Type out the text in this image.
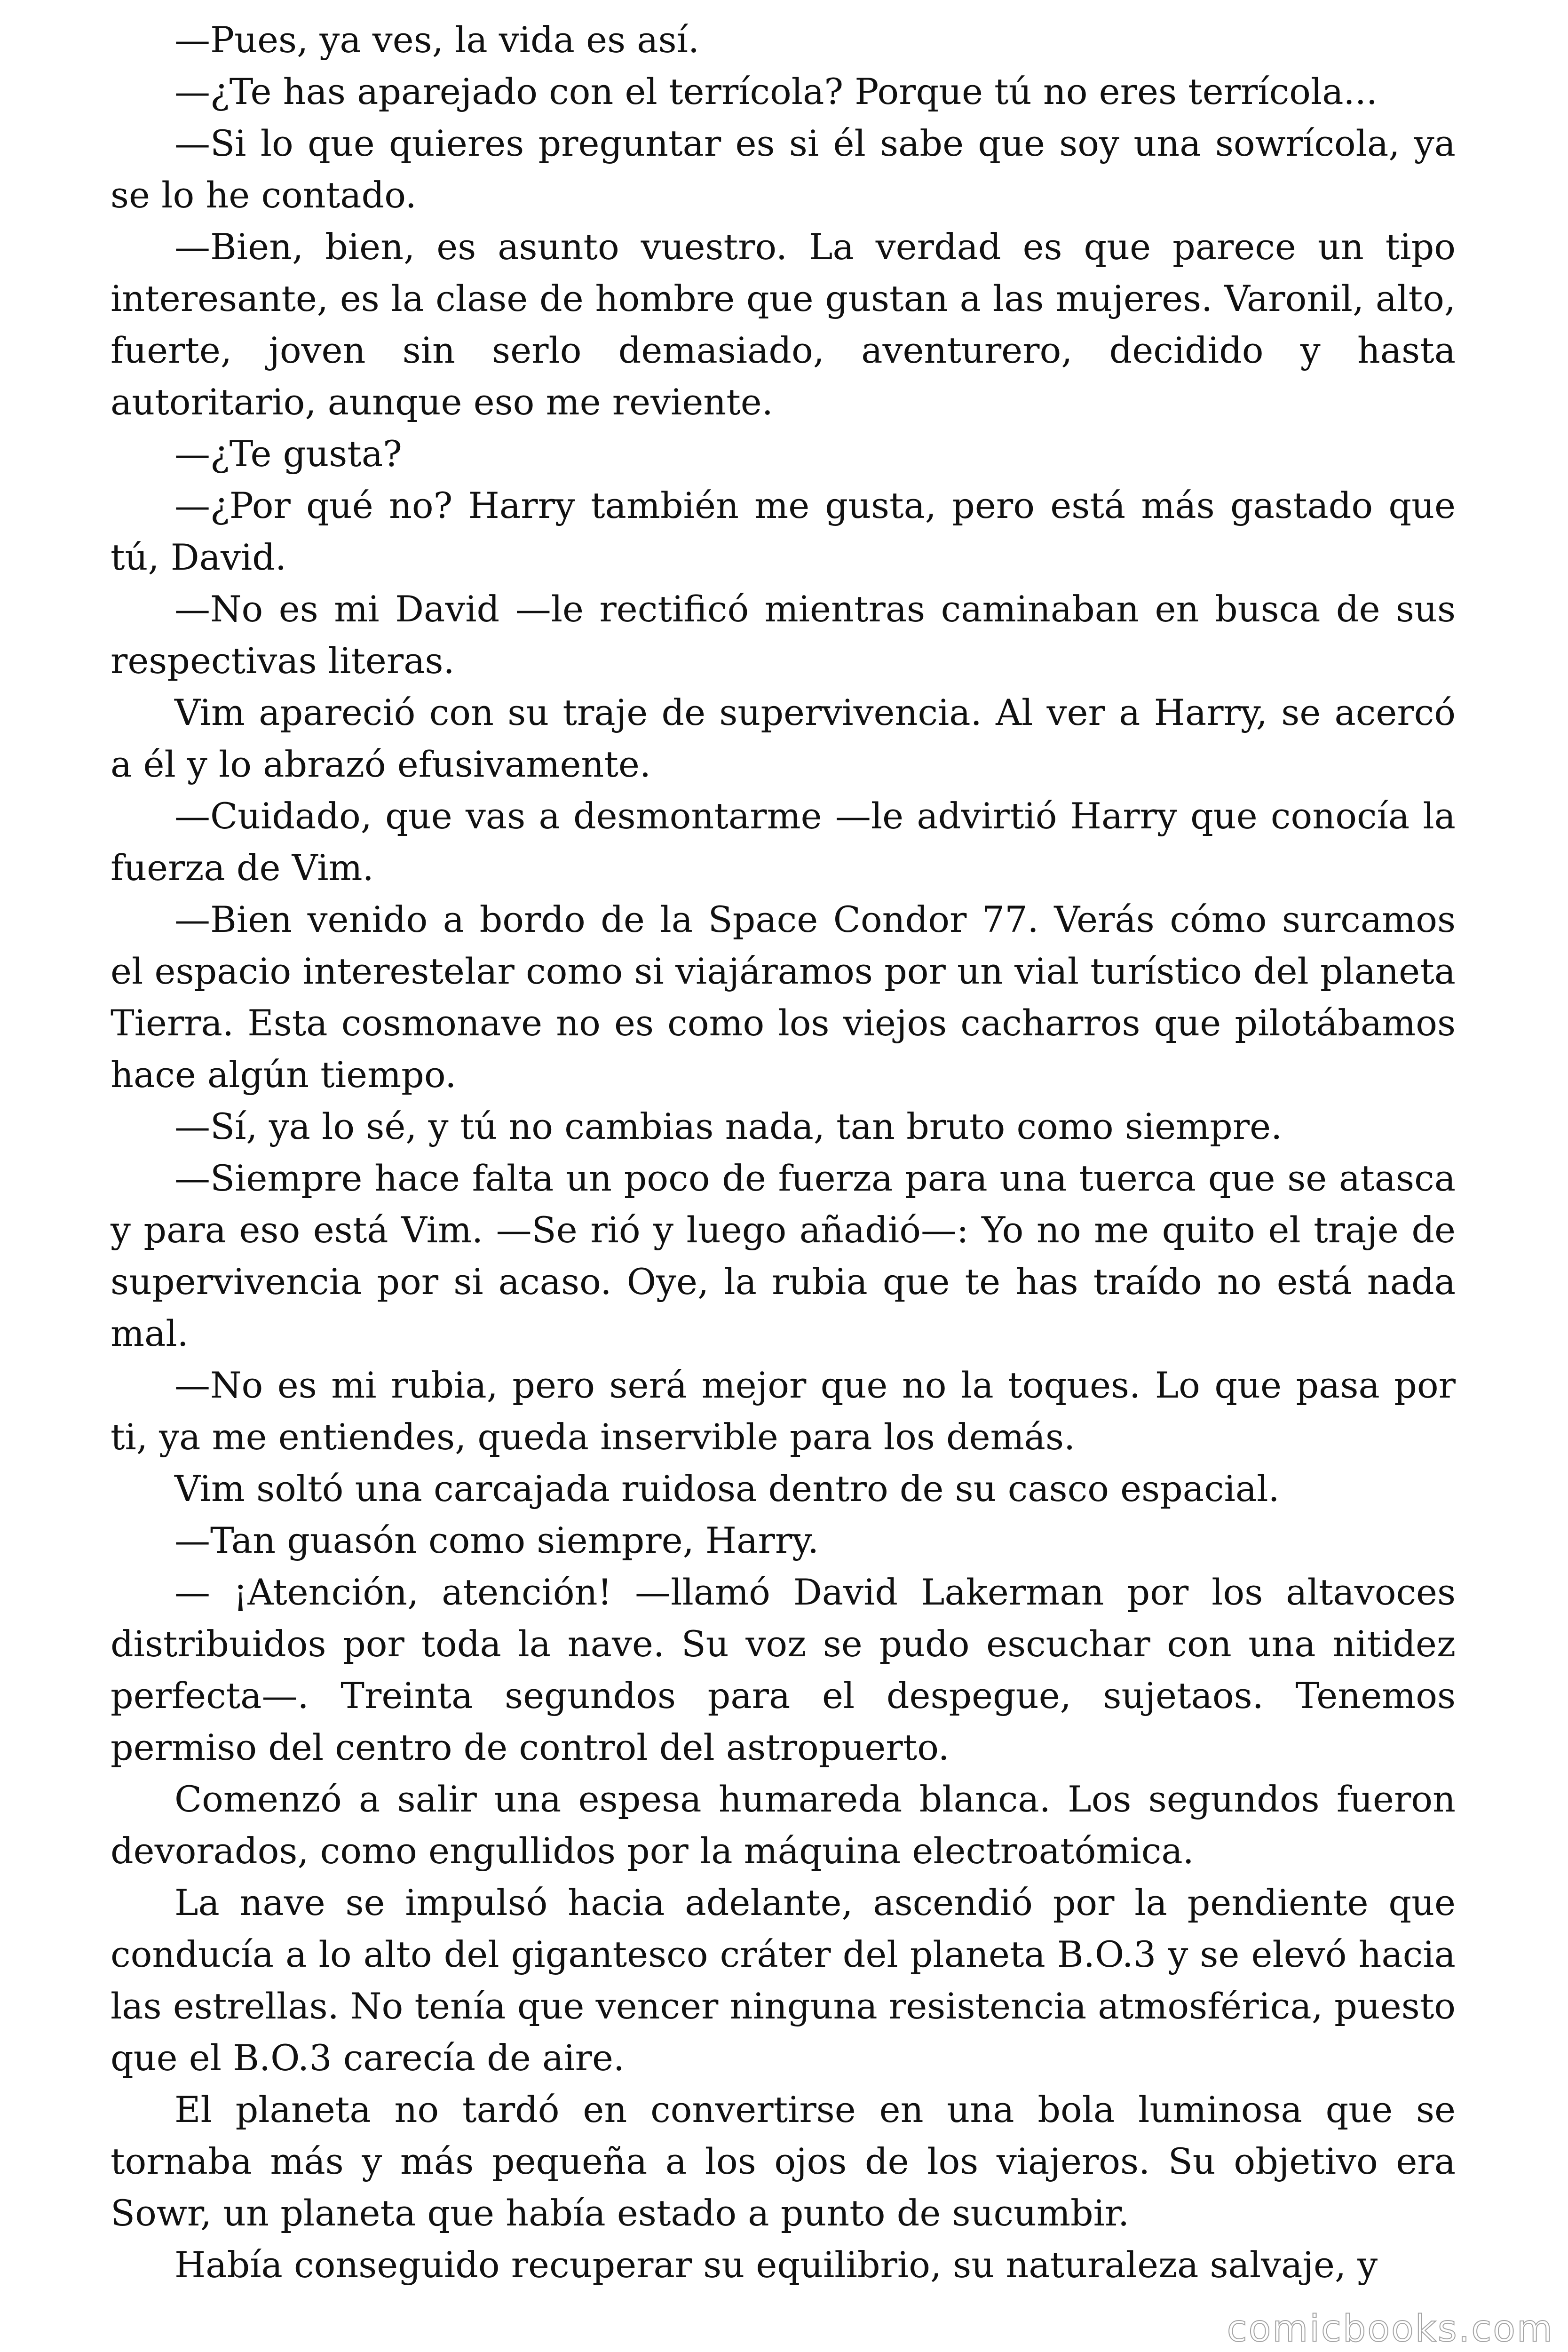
—Pues, ya ves, la vida es así.

—¿Te has aparejado con el terrícola? Porque tú no eres terrícola...

—Si lo que quieres preguntar es si él sabe que soy una sowrícola, ya se lo he contado.

—Bien, bien, es asunto vuestro. La verdad es que parece un tipo interesante, es la clase de hombre que gustan a las mujeres. Varonil, alto, fuerte, joven sin serlo demasiado, aventurero, decidido y hasta autoritario, aunque eso me reviente.

—¿Te gusta?

—¿Por qué no? Harry también me gusta, pero está más gastado que tú, David.

—No es mi David —le rectificó mientras caminaban en busca de sus respectivas literas.

Vim apareció con su traje de supervivencia. Al ver a Harry, se acercó a él y lo abrazó efusivamente.

—Cuidado, que vas a desmontarme —le advirtió Harry que conocía la fuerza de Vim.

—Bien venido a bordo de la Space Condor 77. Verás cómo surcamos el espacio interestelar como si viajáramos por un vial turístico del planeta Tierra. Esta cosmonave no es como los viejos cacharros que pilotábamos hace algún tiempo.

—Sí, ya lo sé, y tú no cambias nada, tan bruto como siempre.

—Siempre hace falta un poco de fuerza para una tuerca que se atasca y para eso está Vim. —Se rió y luego añadió—: Yo no me quito el traje de supervivencia por si acaso. Oye, la rubia que te has traído no está nada mal.

—No es mi rubia, pero será mejor que no la toques. Lo que pasa por ti, ya me entiendes, queda inservible para los demás.

Vim soltó una carcajada ruidosa dentro de su casco espacial.

—Tan guasón como siempre, Harry.

— ¡Atención, atención! —llamó David Lakerman por los altavoces distribuidos por toda la nave. Su voz se pudo escuchar con una nitidez perfecta—. Treinta segundos para el despegue, sujetaos. Tenemos permiso del centro de control del astropuerto.

Comenzó a salir una espesa humareda blanca. Los segundos fueron devorados, como engullidos por la máquina electroatómica.

La nave se impulsó hacia adelante, ascendió por la pendiente que conducía a lo alto del gigantesco cráter del planeta B.O.3 y se elevó hacia las estrellas. No tenía que vencer ninguna resistencia atmosférica, puesto que el B.O.3 carecía de aire.

El planeta no tardó en convertirse en una bola luminosa que se tornaba más y más pequeña a los ojos de los viajeros. Su objetivo era Sowr, un planeta que había estado a punto de sucumbir.

Había conseguido recuperar su equilibrio, su naturaleza salvaje, y

comicbooks.com
